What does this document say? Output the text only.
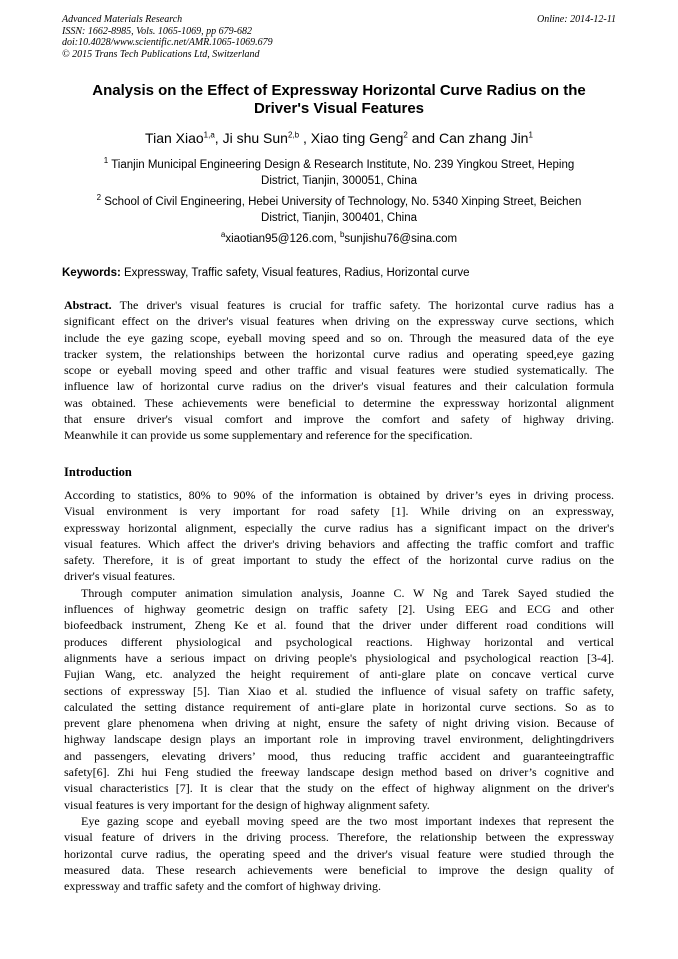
Advanced Materials Research
ISSN: 1662-8985, Vols. 1065-1069, pp 679-682
doi:10.4028/www.scientific.net/AMR.1065-1069.679
© 2015 Trans Tech Publications Ltd, Switzerland
Online: 2014-12-11
Analysis on the Effect of Expressway Horizontal Curve Radius on the
Driver's Visual Features
Tian Xiao$^{1,a}$, Ji shu Sun$^{2,b}$ , Xiao ting Geng$^2$ and Can zhang Jin$^1$
$^1$ Tianjin Municipal Engineering Design & Research Institute, No. 239 Yingkou Street, Heping
District, Tianjin, 300051, China
$^2$ School of Civil Engineering, Hebei University of Technology, No. 5340 Xinping Street, Beichen
District, Tianjin, 300401, China
$^a$xiaotian95@126.com, $^b$sunjishu76@sina.com
Keywords: Expressway, Traffic safety, Visual features, Radius, Horizontal curve
Abstract. The driver's visual features is crucial for traffic safety. The horizontal curve radius has a
significant effect on the driver's visual features when driving on the expressway curve sections, which
include the eye gazing scope, eyeball moving speed and so on. Through the measured data of the eye
tracker system, the relationships between the horizontal curve radius and operating speed,eye gazing
scope or eyeball moving speed and other traffic and visual features were studied systematically. The
influence law of horizontal curve radius on the driver's visual features and their calculation formula
was obtained. These achievements were beneficial to determine the expressway horizontal alignment
that ensure driver's visual comfort and improve the comfort and safety of highway driving.
Meanwhile it can provide us some supplementary and reference for the specification.
Introduction
According to statistics, 80% to 90% of the information is obtained by driver’s eyes in driving process.
Visual environment is very important for road safety [1]. While driving on an expressway,
expressway horizontal alignment, especially the curve radius has a significant impact on the driver's
visual features. Which affect the driver's driving behaviors and affecting the traffic comfort and traffic
safety. Therefore, it is of great important to study the effect of the horizontal curve radius on the
driver's visual features.
Through computer animation simulation analysis, Joanne C. W Ng and Tarek Sayed studied the
influences of highway geometric design on traffic safety [2]. Using EEG and ECG and other
biofeedback instrument, Zheng Ke et al. found that the driver under different road conditions will
produces different physiological and psychological reactions. Highway horizontal and vertical
alignments have a serious impact on driving people's physiological and psychological reaction [3-4].
Fujian Wang, etc. analyzed the height requirement of anti-glare plate on concave vertical curve
sections of expressway [5]. Tian Xiao et al. studied the influence of visual safety on traffic safety,
calculated the setting distance requirement of anti-glare plate in horizontal curve sections. So as to
prevent glare phenomena when driving at night, ensure the safety of night driving vision. Because of
highway landscape design plays an important role in improving travel environment, delightingdrivers
and passengers, elevating drivers’ mood, thus reducing traffic accident and guaranteeingtraffic
safety[6]. Zhi hui Feng studied the freeway landscape design method based on driver’s cognitive and
visual characteristics [7]. It is clear that the study on the effect of highway alignment on the driver's
visual features is very important for the design of highway alignment safety.
Eye gazing scope and eyeball moving speed are the two most important indexes that represent the
visual feature of drivers in the driving process. Therefore, the relationship between the expressway
horizontal curve radius, the operating speed and the driver's visual feature were studied through the
measured data. These research achievements were beneficial to improve the design quality of
expressway and traffic safety and the comfort of highway driving.
